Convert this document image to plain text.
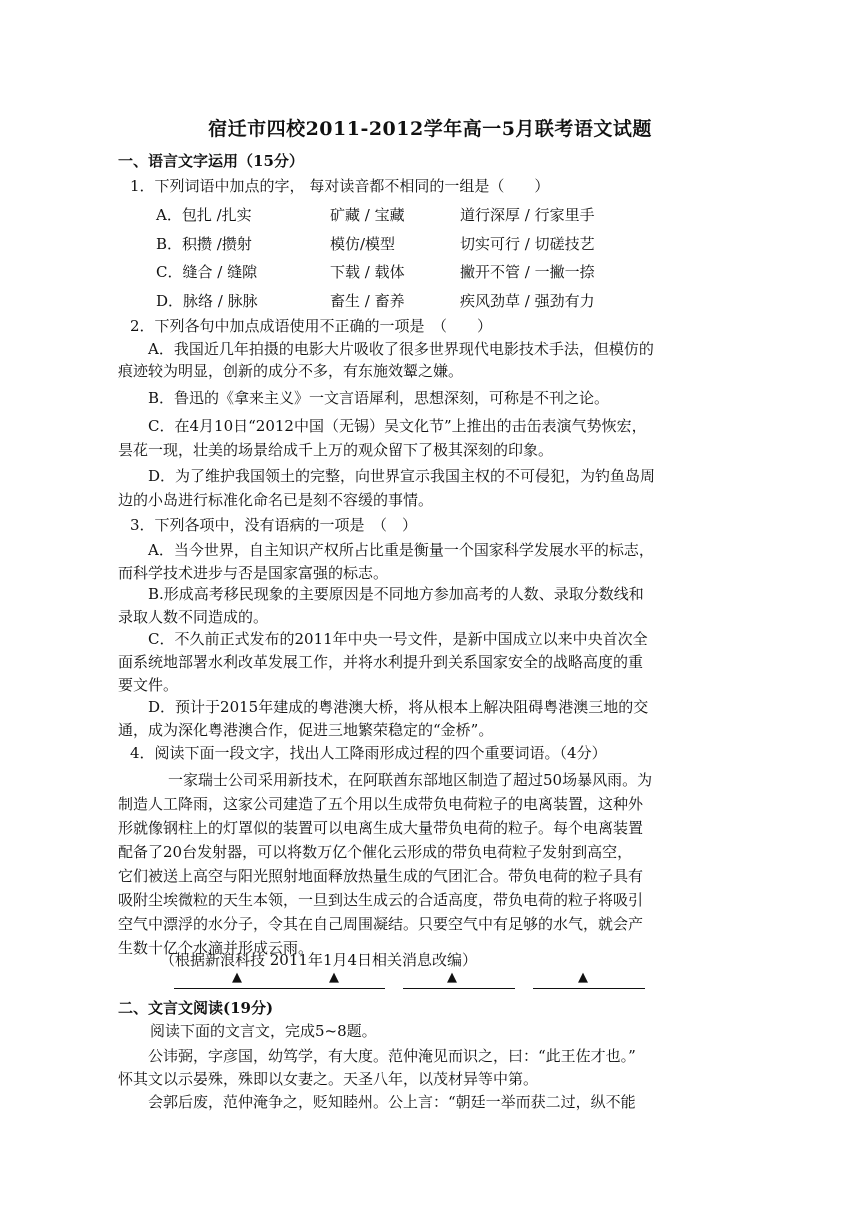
宿迁市四校2011-2012学年高一5月联考语文试题
一、语言文字运用（15分）
1．下列词语中加点的字， 每对读音都不相同的一组是（　　）
A．包扎 /扎实	矿藏 / 宝藏	道行深厚 / 行家里手
B．积攒 /攒射	模仿/模型	切实可行 / 切磋技艺
C．缝合 / 缝隙	下载 / 载体	撇开不管 / 一撇一捺
D．脉络 / 脉脉	畜生 / 畜养	疾风劲草 / 强劲有力
2．下列各句中加点成语使用不正确的一项是　（　　）
A．我国近几年拍摄的电影大片吸收了很多世界现代电影技术手法，但模仿的
痕迹较为明显，创新的成分不多，有东施效颦之嫌。
B．鲁迅的《拿来主义》一文言语犀利，思想深刻，可称是不刊之论。
C．在4月10日“2012中国（无锡）吴文化节”上推出的击缶表演气势恢宏，
昙花一现，壮美的场景给成千上万的观众留下了极其深刻的印象。
D．为了维护我国领土的完整，向世界宣示我国主权的不可侵犯，为钓鱼岛周
边的小岛进行标准化命名已是刻不容缓的事情。
3．下列各项中，没有语病的一项是　（　）
A．当今世界，自主知识产权所占比重是衡量一个国家科学发展水平的标志，
而科学技术进步与否是国家富强的标志。
B.形成高考移民现象的主要原因是不同地方参加高考的人数、录取分数线和
录取人数不同造成的。
C．不久前正式发布的2011年中央一号文件，是新中国成立以来中央首次全
面系统地部署水利改革发展工作，并将水利提升到关系国家安全的战略高度的重
要文件。
D．预计于2015年建成的粤港澳大桥，将从根本上解决阻碍粤港澳三地的交
通，成为深化粤港澳合作，促进三地繁荣稳定的“金桥”。
4．阅读下面一段文字，找出人工降雨形成过程的四个重要词语。（4分）
一家瑞士公司采用新技术，在阿联酋东部地区制造了超过50场暴风雨。为
制造人工降雨，这家公司建造了五个用以生成带负电荷粒子的电离装置，这种外
形就像钢柱上的灯罩似的装置可以电离生成大量带负电荷的粒子。每个电离装置
配备了20台发射器，可以将数万亿个催化云形成的带负电荷粒子发射到高空，
它们被送上高空与阳光照射地面释放热量生成的气团汇合。带负电荷的粒子具有
吸附尘埃微粒的天生本领，一旦到达生成云的合适高度，带负电荷的粒子将吸引
空气中漂浮的水分子，令其在自己周围凝结。只要空气中有足够的水气，就会产
生数十亿个水滴并形成云雨。
（根据新浪科技 2011年1月4日相关消息改编）
▲	▲	▲	▲
二、文言文阅读(19分)
阅读下面的文言文，完成5~8题。
公讳弼，字彦国，幼笃学，有大度。范仲淹见而识之，曰：“此王佐才也。”
怀其文以示晏殊，殊即以女妻之。天圣八年，以茂材异等中第。
会郭后废，范仲淹争之，贬知睦州。公上言：“朝廷一举而获二过，纵不能
